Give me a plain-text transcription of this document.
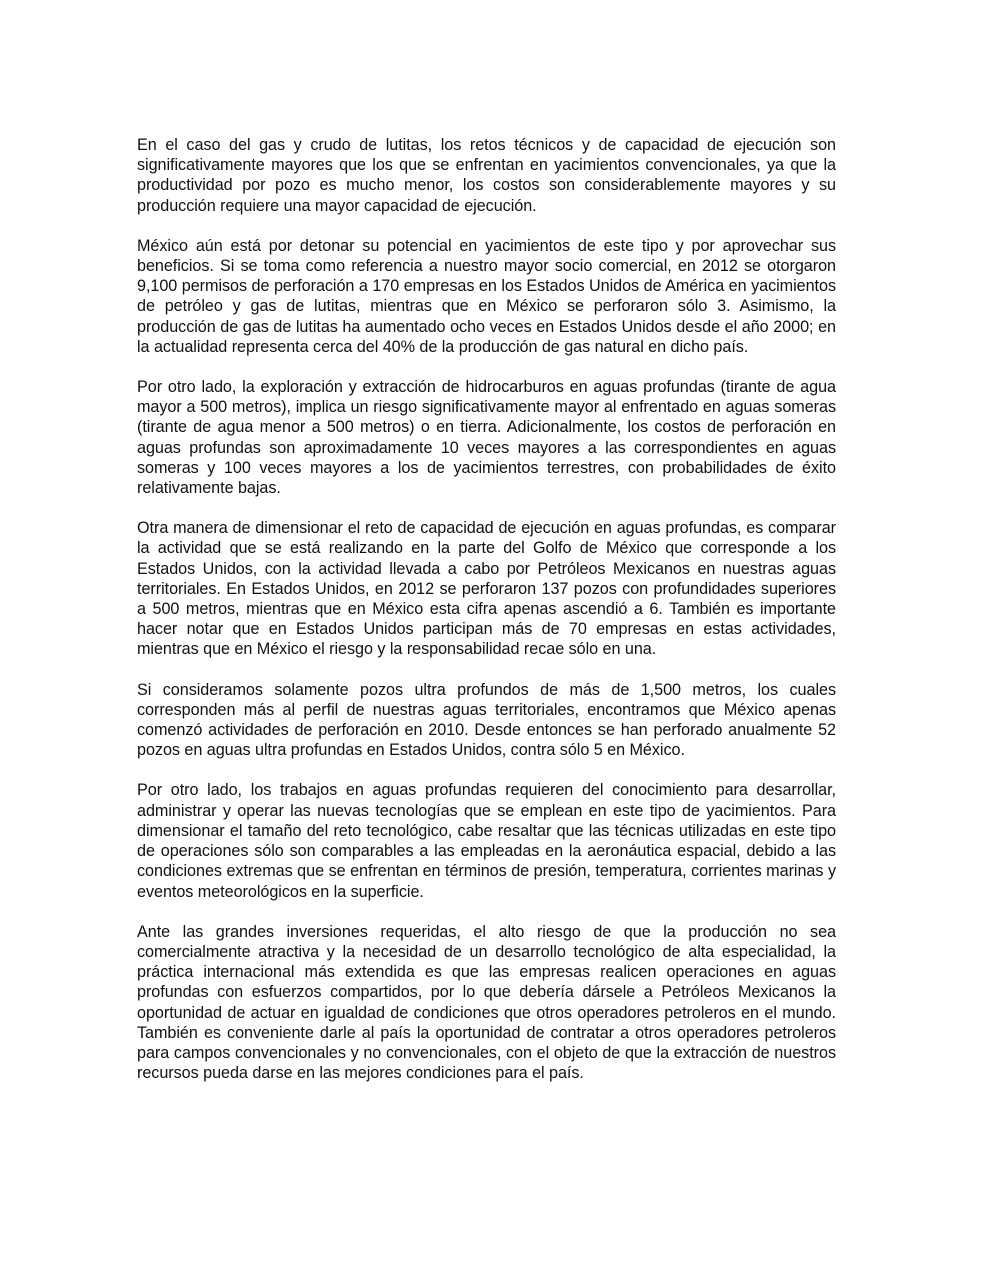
En el caso del gas y crudo de lutitas, los retos técnicos y de capacidad de ejecución son significativamente mayores que los que se enfrentan en yacimientos convencionales, ya que la productividad por pozo es mucho menor, los costos son considerablemente mayores y su producción requiere una mayor capacidad de ejecución.

México aún está por detonar su potencial en yacimientos de este tipo y por aprovechar sus beneficios. Si se toma como referencia a nuestro mayor socio comercial, en 2012 se otorgaron 9,100 permisos de perforación a 170 empresas en los Estados Unidos de América en yacimientos de petróleo y gas de lutitas, mientras que en México se perforaron sólo 3. Asimismo, la producción de gas de lutitas ha aumentado ocho veces en Estados Unidos desde el año 2000; en la actualidad representa cerca del 40% de la producción de gas natural en dicho país.

Por otro lado, la exploración y extracción de hidrocarburos en aguas profundas (tirante de agua mayor a 500 metros), implica un riesgo significativamente mayor al enfrentado en aguas someras (tirante de agua menor a 500 metros) o en tierra. Adicionalmente, los costos de perforación en aguas profundas son aproximadamente 10 veces mayores a las correspondientes en aguas someras y 100 veces mayores a los de yacimientos terrestres, con probabilidades de éxito relativamente bajas.

Otra manera de dimensionar el reto de capacidad de ejecución en aguas profundas, es comparar la actividad que se está realizando en la parte del Golfo de México que corresponde a los Estados Unidos, con la actividad llevada a cabo por Petróleos Mexicanos en nuestras aguas territoriales. En Estados Unidos, en 2012 se perforaron 137 pozos con profundidades superiores a 500 metros, mientras que en México esta cifra apenas ascendió a 6. También es importante hacer notar que en Estados Unidos participan más de 70 empresas en estas actividades, mientras que en México el riesgo y la responsabilidad recae sólo en una.

Si consideramos solamente pozos ultra profundos de más de 1,500 metros, los cuales corresponden más al perfil de nuestras aguas territoriales, encontramos que México apenas comenzó actividades de perforación en 2010. Desde entonces se han perforado anualmente 52 pozos en aguas ultra profundas en Estados Unidos, contra sólo 5 en México.

Por otro lado, los trabajos en aguas profundas requieren del conocimiento para desarrollar, administrar y operar las nuevas tecnologías que se emplean en este tipo de yacimientos. Para dimensionar el tamaño del reto tecnológico, cabe resaltar que las técnicas utilizadas en este tipo de operaciones sólo son comparables a las empleadas en la aeronáutica espacial, debido a las condiciones extremas que se enfrentan en términos de presión, temperatura, corrientes marinas y eventos meteorológicos en la superficie.

Ante las grandes inversiones requeridas, el alto riesgo de que la producción no sea comercialmente atractiva y la necesidad de un desarrollo tecnológico de alta especialidad, la práctica internacional más extendida es que las empresas realicen operaciones en aguas profundas con esfuerzos compartidos, por lo que debería dársele a Petróleos Mexicanos la oportunidad de actuar en igualdad de condiciones que otros operadores petroleros en el mundo. También es conveniente darle al país la oportunidad de contratar a otros operadores petroleros para campos convencionales y no convencionales, con el objeto de que la extracción de nuestros recursos pueda darse en las mejores condiciones para el país.
